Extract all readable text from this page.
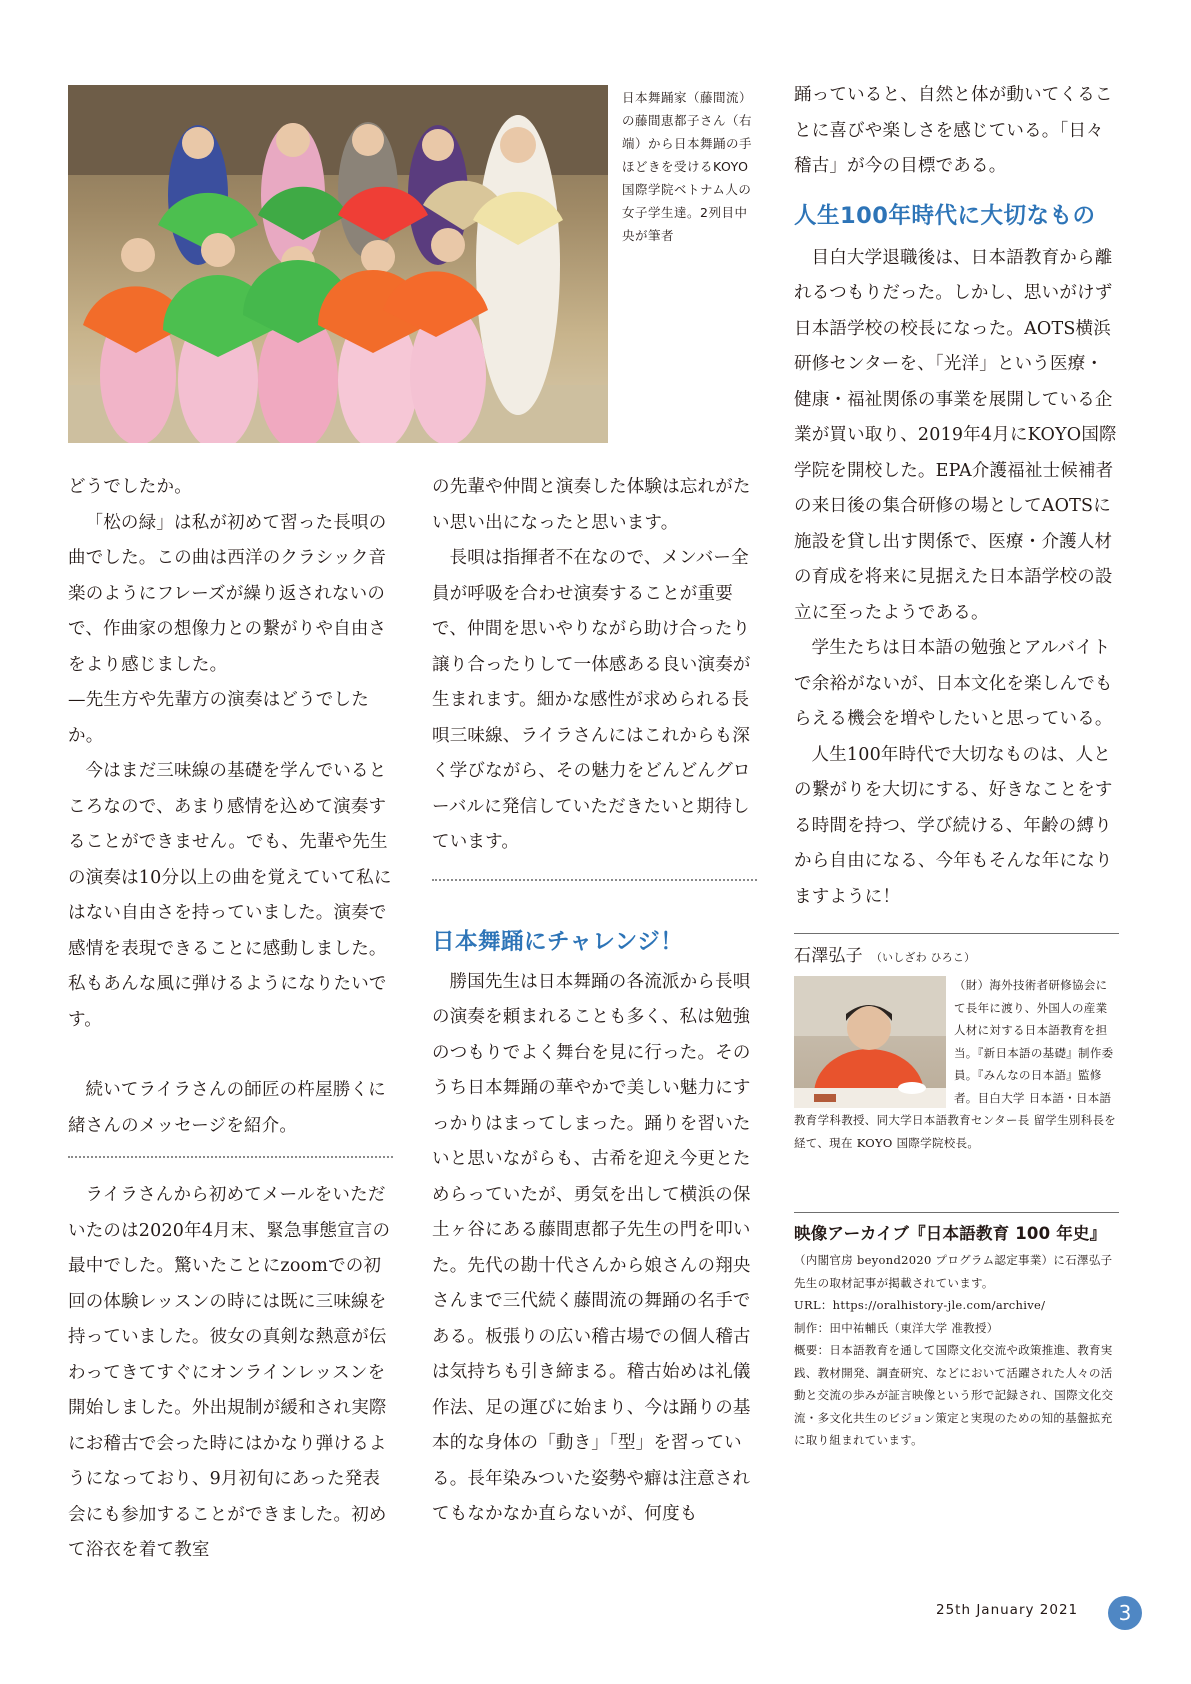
日本舞踊家（藤間流）の藤間恵都子さん（右端）から日本舞踊の手ほどきを受けるKOYO国際学院ベトナム人の女子学生達。2列目中央が筆者

どうでしたか。

「松の緑」は私が初めて習った長唄の曲でした。この曲は西洋のクラシック音楽のようにフレーズが繰り返されないので、作曲家の想像力との繋がりや自由さをより感じました。

—先生方や先輩方の演奏はどうでしたか。

今はまだ三味線の基礎を学んでいるところなので、あまり感情を込めて演奏することができません。でも、先輩や先生の演奏は10分以上の曲を覚えていて私にはない自由さを持っていました。演奏で感情を表現できることに感動しました。私もあんな風に弾けるようになりたいです。

続いてライラさんの師匠の杵屋勝くに緒さんのメッセージを紹介。

ライラさんから初めてメールをいただいたのは2020年4月末、緊急事態宣言の最中でした。驚いたことにzoomでの初回の体験レッスンの時には既に三味線を持っていました。彼女の真剣な熱意が伝わってきてすぐにオンラインレッスンを開始しました。外出規制が緩和され実際にお稽古で会った時にはかなり弾けるようになっており、9月初旬にあった発表会にも参加することができました。初めて浴衣を着て教室

の先輩や仲間と演奏した体験は忘れがたい思い出になったと思います。

長唄は指揮者不在なので、メンバー全員が呼吸を合わせ演奏することが重要で、仲間を思いやりながら助け合ったり譲り合ったりして一体感ある良い演奏が生まれます。細かな感性が求められる長唄三味線、ライラさんにはこれからも深く学びながら、その魅力をどんどんグローバルに発信していただきたいと期待しています。

日本舞踊にチャレンジ！

勝国先生は日本舞踊の各流派から長唄の演奏を頼まれることも多く、私は勉強のつもりでよく舞台を見に行った。そのうち日本舞踊の華やかで美しい魅力にすっかりはまってしまった。踊りを習いたいと思いながらも、古希を迎え今更とためらっていたが、勇気を出して横浜の保土ヶ谷にある藤間恵都子先生の門を叩いた。先代の勘十代さんから娘さんの翔央さんまで三代続く藤間流の舞踊の名手である。板張りの広い稽古場での個人稽古は気持ちも引き締まる。稽古始めは礼儀作法、足の運びに始まり、今は踊りの基本的な身体の「動き」「型」を習っている。長年染みついた姿勢や癖は注意されてもなかなか直らないが、何度も

踊っていると、自然と体が動いてくることに喜びや楽しさを感じている。「日々稽古」が今の目標である。

人生100年時代に大切なもの

目白大学退職後は、日本語教育から離れるつもりだった。しかし、思いがけず日本語学校の校長になった。AOTS横浜研修センターを、「光洋」という医療・健康・福祉関係の事業を展開している企業が買い取り、2019年4月にKOYO国際学院を開校した。EPA介護福祉士候補者の来日後の集合研修の場としてAOTSに施設を貸し出す関係で、医療・介護人材の育成を将来に見据えた日本語学校の設立に至ったようである。

学生たちは日本語の勉強とアルバイトで余裕がないが、日本文化を楽しんでもらえる機会を増やしたいと思っている。

人生100年時代で大切なものは、人との繋がりを大切にする、好きなことをする時間を持つ、学び続ける、年齢の縛りから自由になる、今年もそんな年になりますように！

石澤弘子 （いしざわ ひろこ）

（財）海外技術者研修協会にて長年に渡り、外国人の産業人材に対する日本語教育を担当。『新日本語の基礎』制作委員。『みんなの日本語』監修者。目白大学 日本語・日本語教育学科教授、同大学日本語教育センター長 留学生別科長を経て、現在 KOYO 国際学院校長。

映像アーカイブ『日本語教育 100 年史』

（内閣官房 beyond2020 プログラム認定事業）に石澤弘子先生の取材記事が掲載されています。

URL：https://oralhistory-jle.com/archive/

制作：田中祐輔氏（東洋大学 准教授）

概要：日本語教育を通して国際文化交流や政策推進、教育実践、教材開発、調査研究、などにおいて活躍された人々の活動と交流の歩みが証言映像という形で記録され、国際文化交流・多文化共生のビジョン策定と実現のための知的基盤拡充に取り組まれています。

25th January 2021	3
